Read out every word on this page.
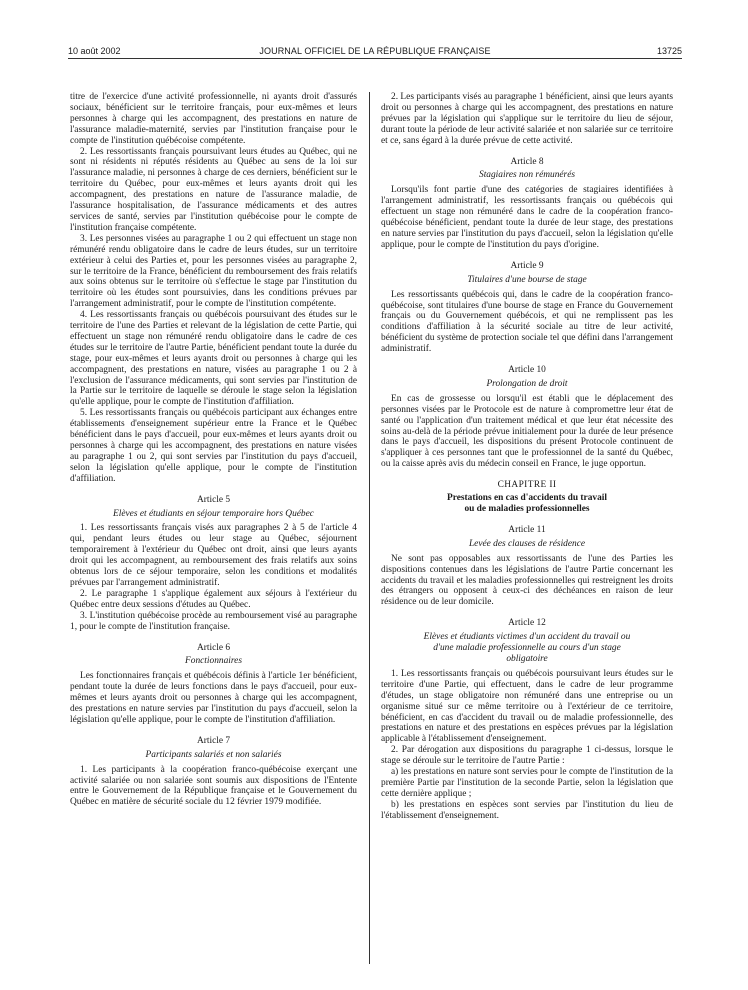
10 août 2002	JOURNAL OFFICIEL DE LA RÉPUBLIQUE FRANÇAISE	13725

titre de l'exercice d'une activité professionnelle, ni ayants droit d'assurés sociaux, bénéficient sur le territoire français, pour eux-mêmes et leurs personnes à charge qui les accompagnent, des prestations en nature de l'assurance maladie-maternité, servies par l'institution française pour le compte de l'institution québécoise compétente.

2. Les ressortissants français poursuivant leurs études au Québec, qui ne sont ni résidents ni réputés résidents au Québec au sens de la loi sur l'assurance maladie, ni personnes à charge de ces derniers, bénéficient sur le territoire du Québec, pour eux-mêmes et leurs ayants droit qui les accompagnent, des prestations en nature de l'assurance maladie, de l'assurance hospitalisation, de l'assurance médicaments et des autres services de santé, servies par l'institution québécoise pour le compte de l'institution française compétente.

3. Les personnes visées au paragraphe 1 ou 2 qui effectuent un stage non rémunéré rendu obligatoire dans le cadre de leurs études, sur un territoire extérieur à celui des Parties et, pour les personnes visées au paragraphe 2, sur le territoire de la France, bénéficient du remboursement des frais relatifs aux soins obtenus sur le territoire où s'effectue le stage par l'institution du territoire où les études sont poursuivies, dans les conditions prévues par l'arrangement administratif, pour le compte de l'institution compétente.

4. Les ressortissants français ou québécois poursuivant des études sur le territoire de l'une des Parties et relevant de la législation de cette Partie, qui effectuent un stage non rémunéré rendu obligatoire dans le cadre de ces études sur le territoire de l'autre Partie, bénéficient pendant toute la durée du stage, pour eux-mêmes et leurs ayants droit ou personnes à charge qui les accompagnent, des prestations en nature, visées au paragraphe 1 ou 2 à l'exclusion de l'assurance médicaments, qui sont servies par l'institution de la Partie sur le territoire de laquelle se déroule le stage selon la législation qu'elle applique, pour le compte de l'institution d'affiliation.

5. Les ressortissants français ou québécois participant aux échanges entre établissements d'enseignement supérieur entre la France et le Québec bénéficient dans le pays d'accueil, pour eux-mêmes et leurs ayants droit ou personnes à charge qui les accompagnent, des prestations en nature visées au paragraphe 1 ou 2, qui sont servies par l'institution du pays d'accueil, selon la législation qu'elle applique, pour le compte de l'institution d'affiliation.

Article 5
Elèves et étudiants en séjour temporaire hors Québec

1. Les ressortissants français visés aux paragraphes 2 à 5 de l'article 4 qui, pendant leurs études ou leur stage au Québec, séjournent temporairement à l'extérieur du Québec ont droit, ainsi que leurs ayants droit qui les accompagnent, au remboursement des frais relatifs aux soins obtenus lors de ce séjour temporaire, selon les conditions et modalités prévues par l'arrangement administratif.

2. Le paragraphe 1 s'applique également aux séjours à l'extérieur du Québec entre deux sessions d'études au Québec.

3. L'institution québécoise procède au remboursement visé au paragraphe 1, pour le compte de l'institution française.

Article 6
Fonctionnaires

Les fonctionnaires français et québécois définis à l'article 1er bénéficient, pendant toute la durée de leurs fonctions dans le pays d'accueil, pour eux-mêmes et leurs ayants droit ou personnes à charge qui les accompagnent, des prestations en nature servies par l'institution du pays d'accueil, selon la législation qu'elle applique, pour le compte de l'institution d'affiliation.

Article 7
Participants salariés et non salariés

1. Les participants à la coopération franco-québécoise exerçant une activité salariée ou non salariée sont soumis aux dispositions de l'Entente entre le Gouvernement de la République française et le Gouvernement du Québec en matière de sécurité sociale du 12 février 1979 modifiée.

2. Les participants visés au paragraphe 1 bénéficient, ainsi que leurs ayants droit ou personnes à charge qui les accompagnent, des prestations en nature prévues par la législation qui s'applique sur le territoire du lieu de séjour, durant toute la période de leur activité salariée et non salariée sur ce territoire et ce, sans égard à la durée prévue de cette activité.

Article 8
Stagiaires non rémunérés

Lorsqu'ils font partie d'une des catégories de stagiaires identifiées à l'arrangement administratif, les ressortissants français ou québécois qui effectuent un stage non rémunéré dans le cadre de la coopération franco-québécoise bénéficient, pendant toute la durée de leur stage, des prestations en nature servies par l'institution du pays d'accueil, selon la législation qu'elle applique, pour le compte de l'institution du pays d'origine.

Article 9
Titulaires d'une bourse de stage

Les ressortissants québécois qui, dans le cadre de la coopération franco-québécoise, sont titulaires d'une bourse de stage en France du Gouvernement français ou du Gouvernement québécois, et qui ne remplissent pas les conditions d'affiliation à la sécurité sociale au titre de leur activité, bénéficient du système de protection sociale tel que défini dans l'arrangement administratif.

Article 10
Prolongation de droit

En cas de grossesse ou lorsqu'il est établi que le déplacement des personnes visées par le Protocole est de nature à compromettre leur état de santé ou l'application d'un traitement médical et que leur état nécessite des soins au-delà de la période prévue initialement pour la durée de leur présence dans le pays d'accueil, les dispositions du présent Protocole continuent de s'appliquer à ces personnes tant que le professionnel de la santé du Québec, ou la caisse après avis du médecin conseil en France, le juge opportun.

CHAPITRE II
Prestations en cas d'accidents du travail
ou de maladies professionnelles
Article 11
Levée des clauses de résidence

Ne sont pas opposables aux ressortissants de l'une des Parties les dispositions contenues dans les législations de l'autre Partie concernant les accidents du travail et les maladies professionnelles qui restreignent les droits des étrangers ou opposent à ceux-ci des déchéances en raison de leur résidence ou de leur domicile.

Article 12
Elèves et étudiants victimes d'un accident du travail ou
d'une maladie professionnelle au cours d'un stage
obligatoire

1. Les ressortissants français ou québécois poursuivant leurs études sur le territoire d'une Partie, qui effectuent, dans le cadre de leur programme d'études, un stage obligatoire non rémunéré dans une entreprise ou un organisme situé sur ce même territoire ou à l'extérieur de ce territoire, bénéficient, en cas d'accident du travail ou de maladie professionnelle, des prestations en nature et des prestations en espèces prévues par la législation applicable à l'établissement d'enseignement.

2. Par dérogation aux dispositions du paragraphe 1 ci-dessus, lorsque le stage se déroule sur le territoire de l'autre Partie :

a) les prestations en nature sont servies pour le compte de l'institution de la première Partie par l'institution de la seconde Partie, selon la législation que cette dernière applique ;

b) les prestations en espèces sont servies par l'institution du lieu de l'établissement d'enseignement.
